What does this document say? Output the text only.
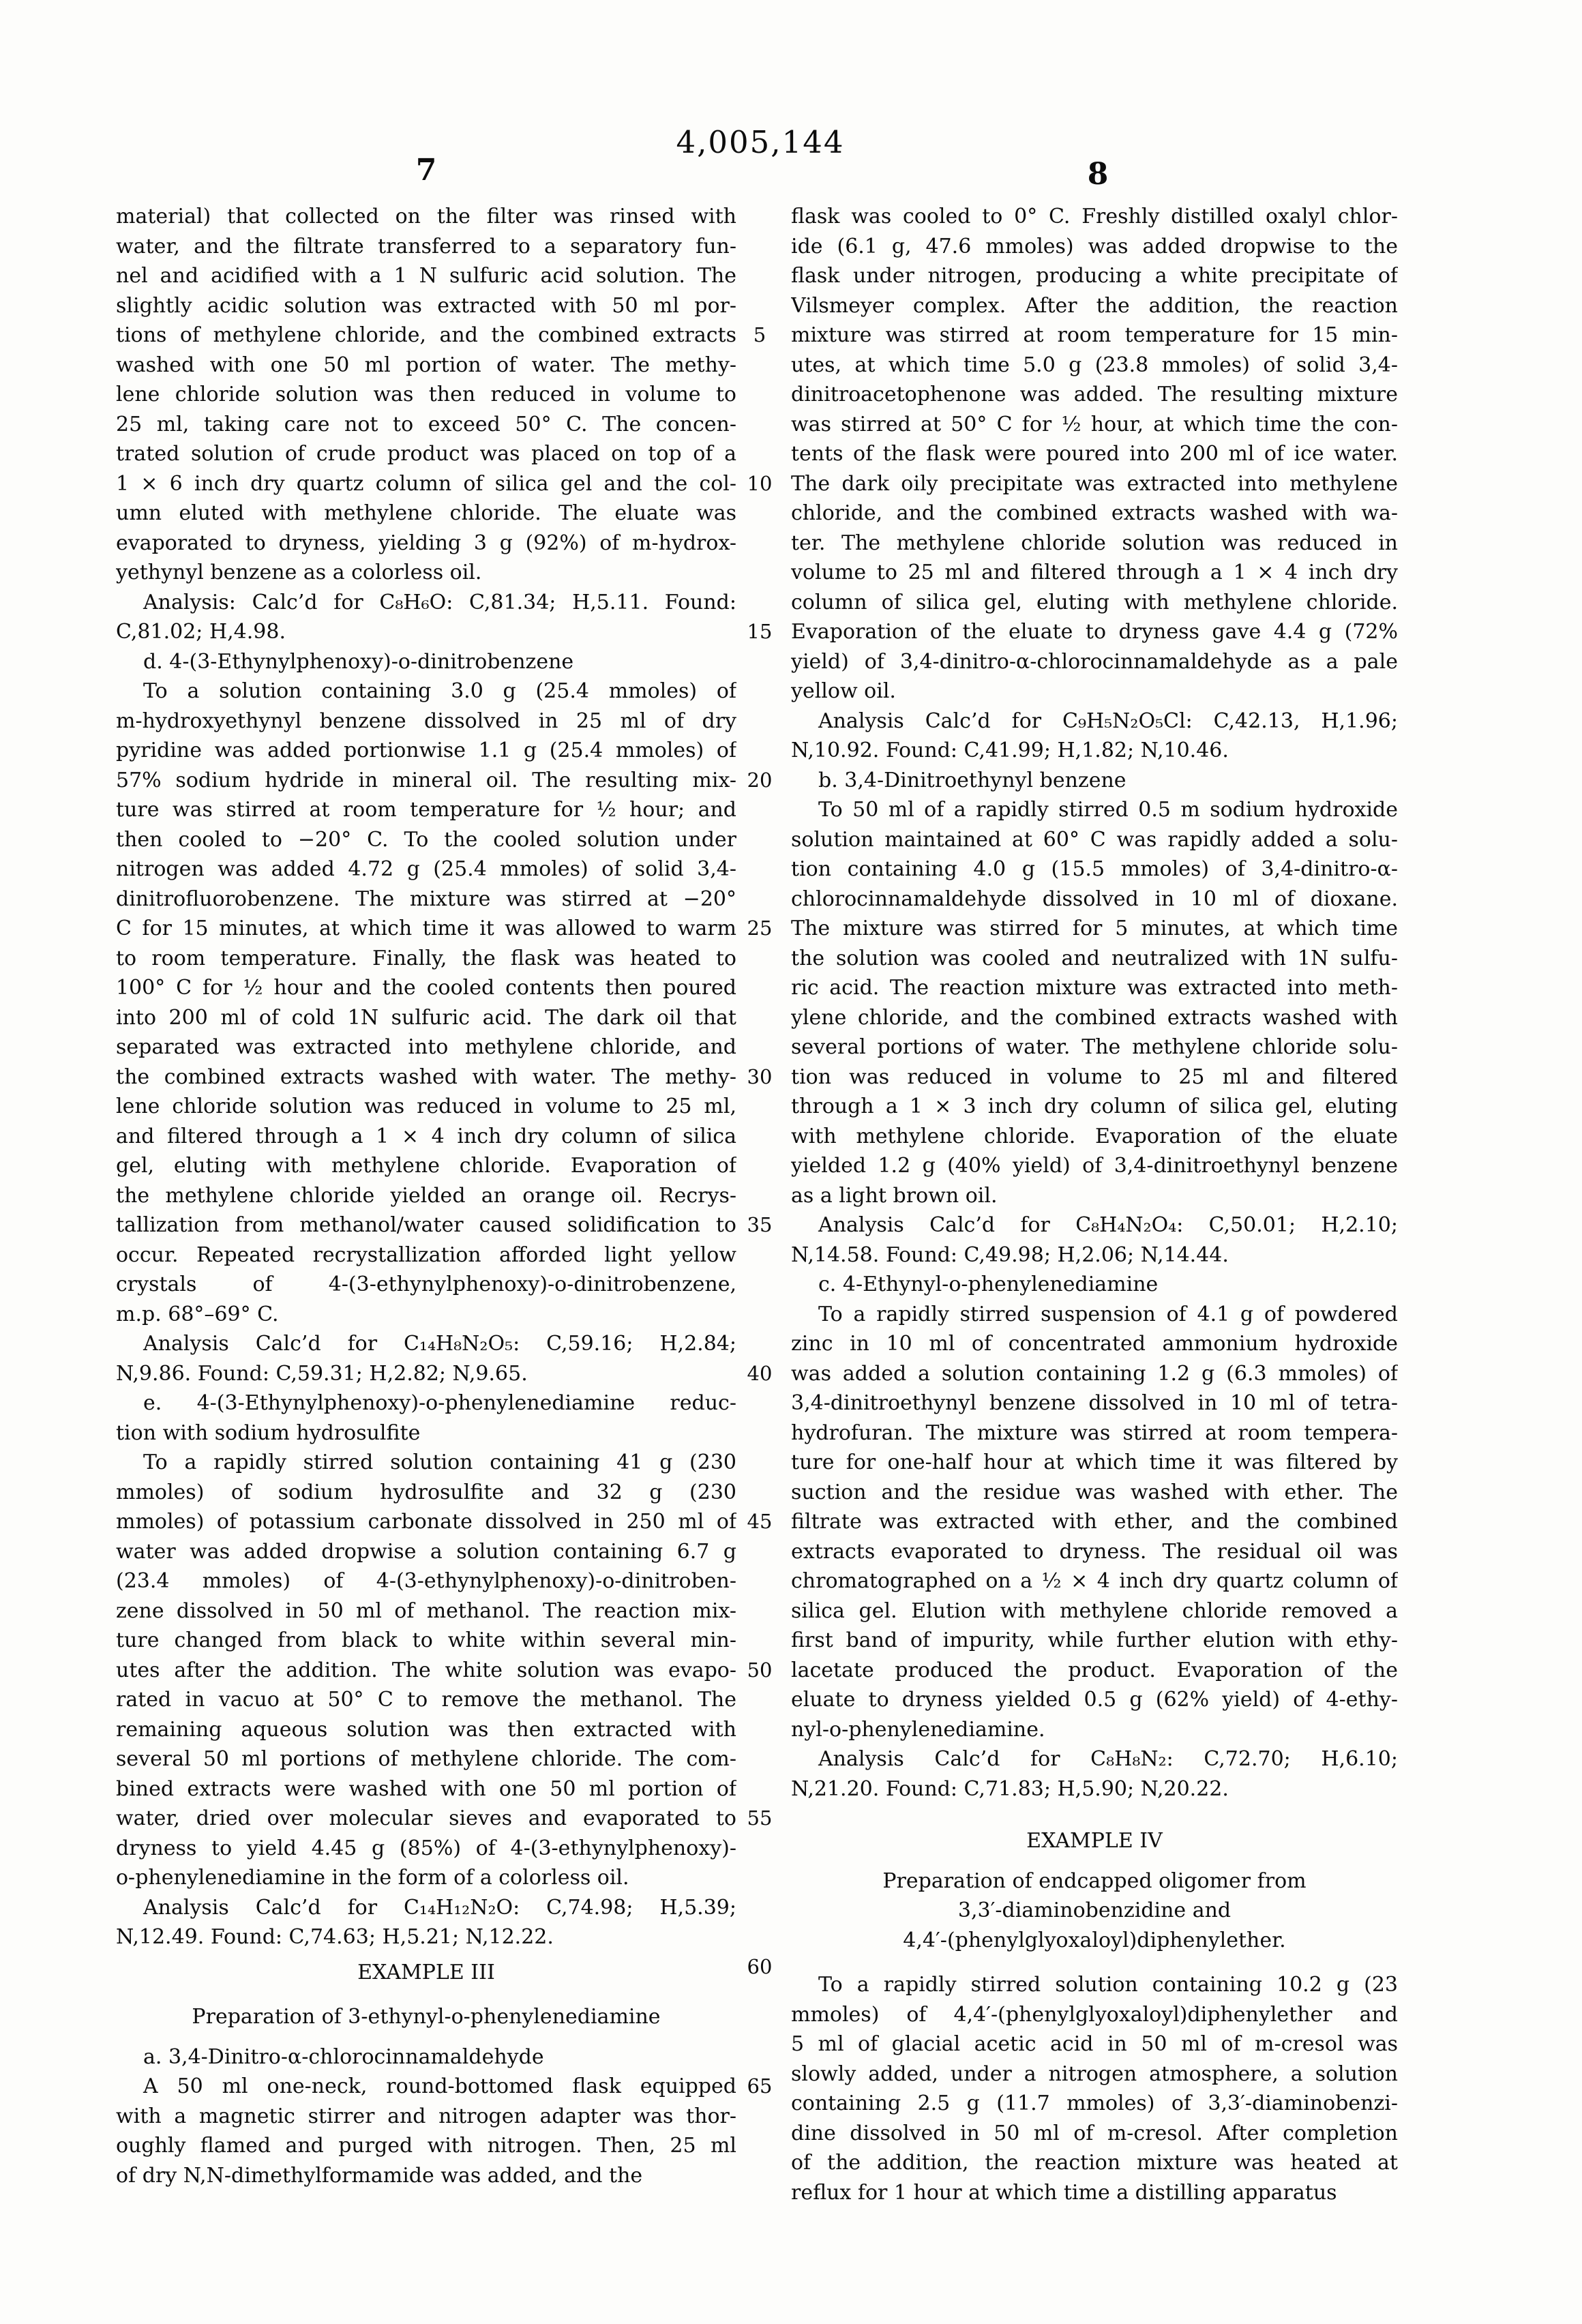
4,005,144
7	8
5
10
15
20
25
30
35
40
45
50
55
60
65
material) that collected on the filter was rinsed with
water, and the filtrate transferred to a separatory fun-
nel and acidified with a 1 N sulfuric acid solution. The
slightly acidic solution was extracted with 50 ml por-
tions of methylene chloride, and the combined extracts
washed with one 50 ml portion of water. The methy-
lene chloride solution was then reduced in volume to
25 ml, taking care not to exceed 50° C. The concen-
trated solution of crude product was placed on top of a
1 × 6 inch dry quartz column of silica gel and the col-
umn eluted with methylene chloride. The eluate was
evaporated to dryness, yielding 3 g (92%) of m-hydrox-
yethynyl benzene as a colorless oil.
Analysis: Calc’d for C₈H₆O: C,81.34; H,5.11. Found:
C,81.02; H,4.98.
d. 4-(3-Ethynylphenoxy)-o-dinitrobenzene
To a solution containing 3.0 g (25.4 mmoles) of
m-hydroxyethynyl benzene dissolved in 25 ml of dry
pyridine was added portionwise 1.1 g (25.4 mmoles) of
57% sodium hydride in mineral oil. The resulting mix-
ture was stirred at room temperature for ½ hour; and
then cooled to −20° C. To the cooled solution under
nitrogen was added 4.72 g (25.4 mmoles) of solid 3,4-
dinitrofluorobenzene. The mixture was stirred at −20°
C for 15 minutes, at which time it was allowed to warm
to room temperature. Finally, the flask was heated to
100° C for ½ hour and the cooled contents then poured
into 200 ml of cold 1N sulfuric acid. The dark oil that
separated was extracted into methylene chloride, and
the combined extracts washed with water. The methy-
lene chloride solution was reduced in volume to 25 ml,
and filtered through a 1 × 4 inch dry column of silica
gel, eluting with methylene chloride. Evaporation of
the methylene chloride yielded an orange oil. Recrys-
tallization from methanol/water caused solidification to
occur. Repeated recrystallization afforded light yellow
crystals of 4-(3-ethynylphenoxy)-o-dinitrobenzene,
m.p. 68°–69° C.
Analysis Calc’d for C₁₄H₈N₂O₅: C,59.16; H,2.84;
N,9.86. Found: C,59.31; H,2.82; N,9.65.
e. 4-(3-Ethynylphenoxy)-o-phenylenediamine reduc-
tion with sodium hydrosulfite
To a rapidly stirred solution containing 41 g (230
mmoles) of sodium hydrosulfite and 32 g (230
mmoles) of potassium carbonate dissolved in 250 ml of
water was added dropwise a solution containing 6.7 g
(23.4 mmoles) of 4-(3-ethynylphenoxy)-o-dinitroben-
zene dissolved in 50 ml of methanol. The reaction mix-
ture changed from black to white within several min-
utes after the addition. The white solution was evapo-
rated in vacuo at 50° C to remove the methanol. The
remaining aqueous solution was then extracted with
several 50 ml portions of methylene chloride. The com-
bined extracts were washed with one 50 ml portion of
water, dried over molecular sieves and evaporated to
dryness to yield 4.45 g (85%) of 4-(3-ethynylphenoxy)-
o-phenylenediamine in the form of a colorless oil.
Analysis Calc’d for C₁₄H₁₂N₂O: C,74.98; H,5.39;
N,12.49. Found: C,74.63; H,5.21; N,12.22.
EXAMPLE III
Preparation of 3-ethynyl-o-phenylenediamine
a. 3,4-Dinitro-α-chlorocinnamaldehyde
A 50 ml one-neck, round-bottomed flask equipped
with a magnetic stirrer and nitrogen adapter was thor-
oughly flamed and purged with nitrogen. Then, 25 ml
of dry N,N-dimethylformamide was added, and the
flask was cooled to 0° C. Freshly distilled oxalyl chlor-
ide (6.1 g, 47.6 mmoles) was added dropwise to the
flask under nitrogen, producing a white precipitate of
Vilsmeyer complex. After the addition, the reaction
mixture was stirred at room temperature for 15 min-
utes, at which time 5.0 g (23.8 mmoles) of solid 3,4-
dinitroacetophenone was added. The resulting mixture
was stirred at 50° C for ½ hour, at which time the con-
tents of the flask were poured into 200 ml of ice water.
The dark oily precipitate was extracted into methylene
chloride, and the combined extracts washed with wa-
ter. The methylene chloride solution was reduced in
volume to 25 ml and filtered through a 1 × 4 inch dry
column of silica gel, eluting with methylene chloride.
Evaporation of the eluate to dryness gave 4.4 g (72%
yield) of 3,4-dinitro-α-chlorocinnamaldehyde as a pale
yellow oil.
Analysis Calc’d for C₉H₅N₂O₅Cl: C,42.13, H,1.96;
N,10.92. Found: C,41.99; H,1.82; N,10.46.
b. 3,4-Dinitroethynyl benzene
To 50 ml of a rapidly stirred 0.5 m sodium hydroxide
solution maintained at 60° C was rapidly added a solu-
tion containing 4.0 g (15.5 mmoles) of 3,4-dinitro-α-
chlorocinnamaldehyde dissolved in 10 ml of dioxane.
The mixture was stirred for 5 minutes, at which time
the solution was cooled and neutralized with 1N sulfu-
ric acid. The reaction mixture was extracted into meth-
ylene chloride, and the combined extracts washed with
several portions of water. The methylene chloride solu-
tion was reduced in volume to 25 ml and filtered
through a 1 × 3 inch dry column of silica gel, eluting
with methylene chloride. Evaporation of the eluate
yielded 1.2 g (40% yield) of 3,4-dinitroethynyl benzene
as a light brown oil.
Analysis Calc’d for C₈H₄N₂O₄: C,50.01; H,2.10;
N,14.58. Found: C,49.98; H,2.06; N,14.44.
c. 4-Ethynyl-o-phenylenediamine
To a rapidly stirred suspension of 4.1 g of powdered
zinc in 10 ml of concentrated ammonium hydroxide
was added a solution containing 1.2 g (6.3 mmoles) of
3,4-dinitroethynyl benzene dissolved in 10 ml of tetra-
hydrofuran. The mixture was stirred at room tempera-
ture for one-half hour at which time it was filtered by
suction and the residue was washed with ether. The
filtrate was extracted with ether, and the combined
extracts evaporated to dryness. The residual oil was
chromatographed on a ½ × 4 inch dry quartz column of
silica gel. Elution with methylene chloride removed a
first band of impurity, while further elution with ethy-
lacetate produced the product. Evaporation of the
eluate to dryness yielded 0.5 g (62% yield) of 4-ethy-
nyl-o-phenylenediamine.
Analysis Calc’d for C₈H₈N₂: C,72.70; H,6.10;
N,21.20. Found: C,71.83; H,5.90; N,20.22.
EXAMPLE IV
Preparation of endcapped oligomer from
3,3′-diaminobenzidine and
4,4′-(phenylglyoxaloyl)diphenylether.
To a rapidly stirred solution containing 10.2 g (23
mmoles) of 4,4′-(phenylglyoxaloyl)diphenylether and
5 ml of glacial acetic acid in 50 ml of m-cresol was
slowly added, under a nitrogen atmosphere, a solution
containing 2.5 g (11.7 mmoles) of 3,3′-diaminobenzi-
dine dissolved in 50 ml of m-cresol. After completion
of the addition, the reaction mixture was heated at
reflux for 1 hour at which time a distilling apparatus
